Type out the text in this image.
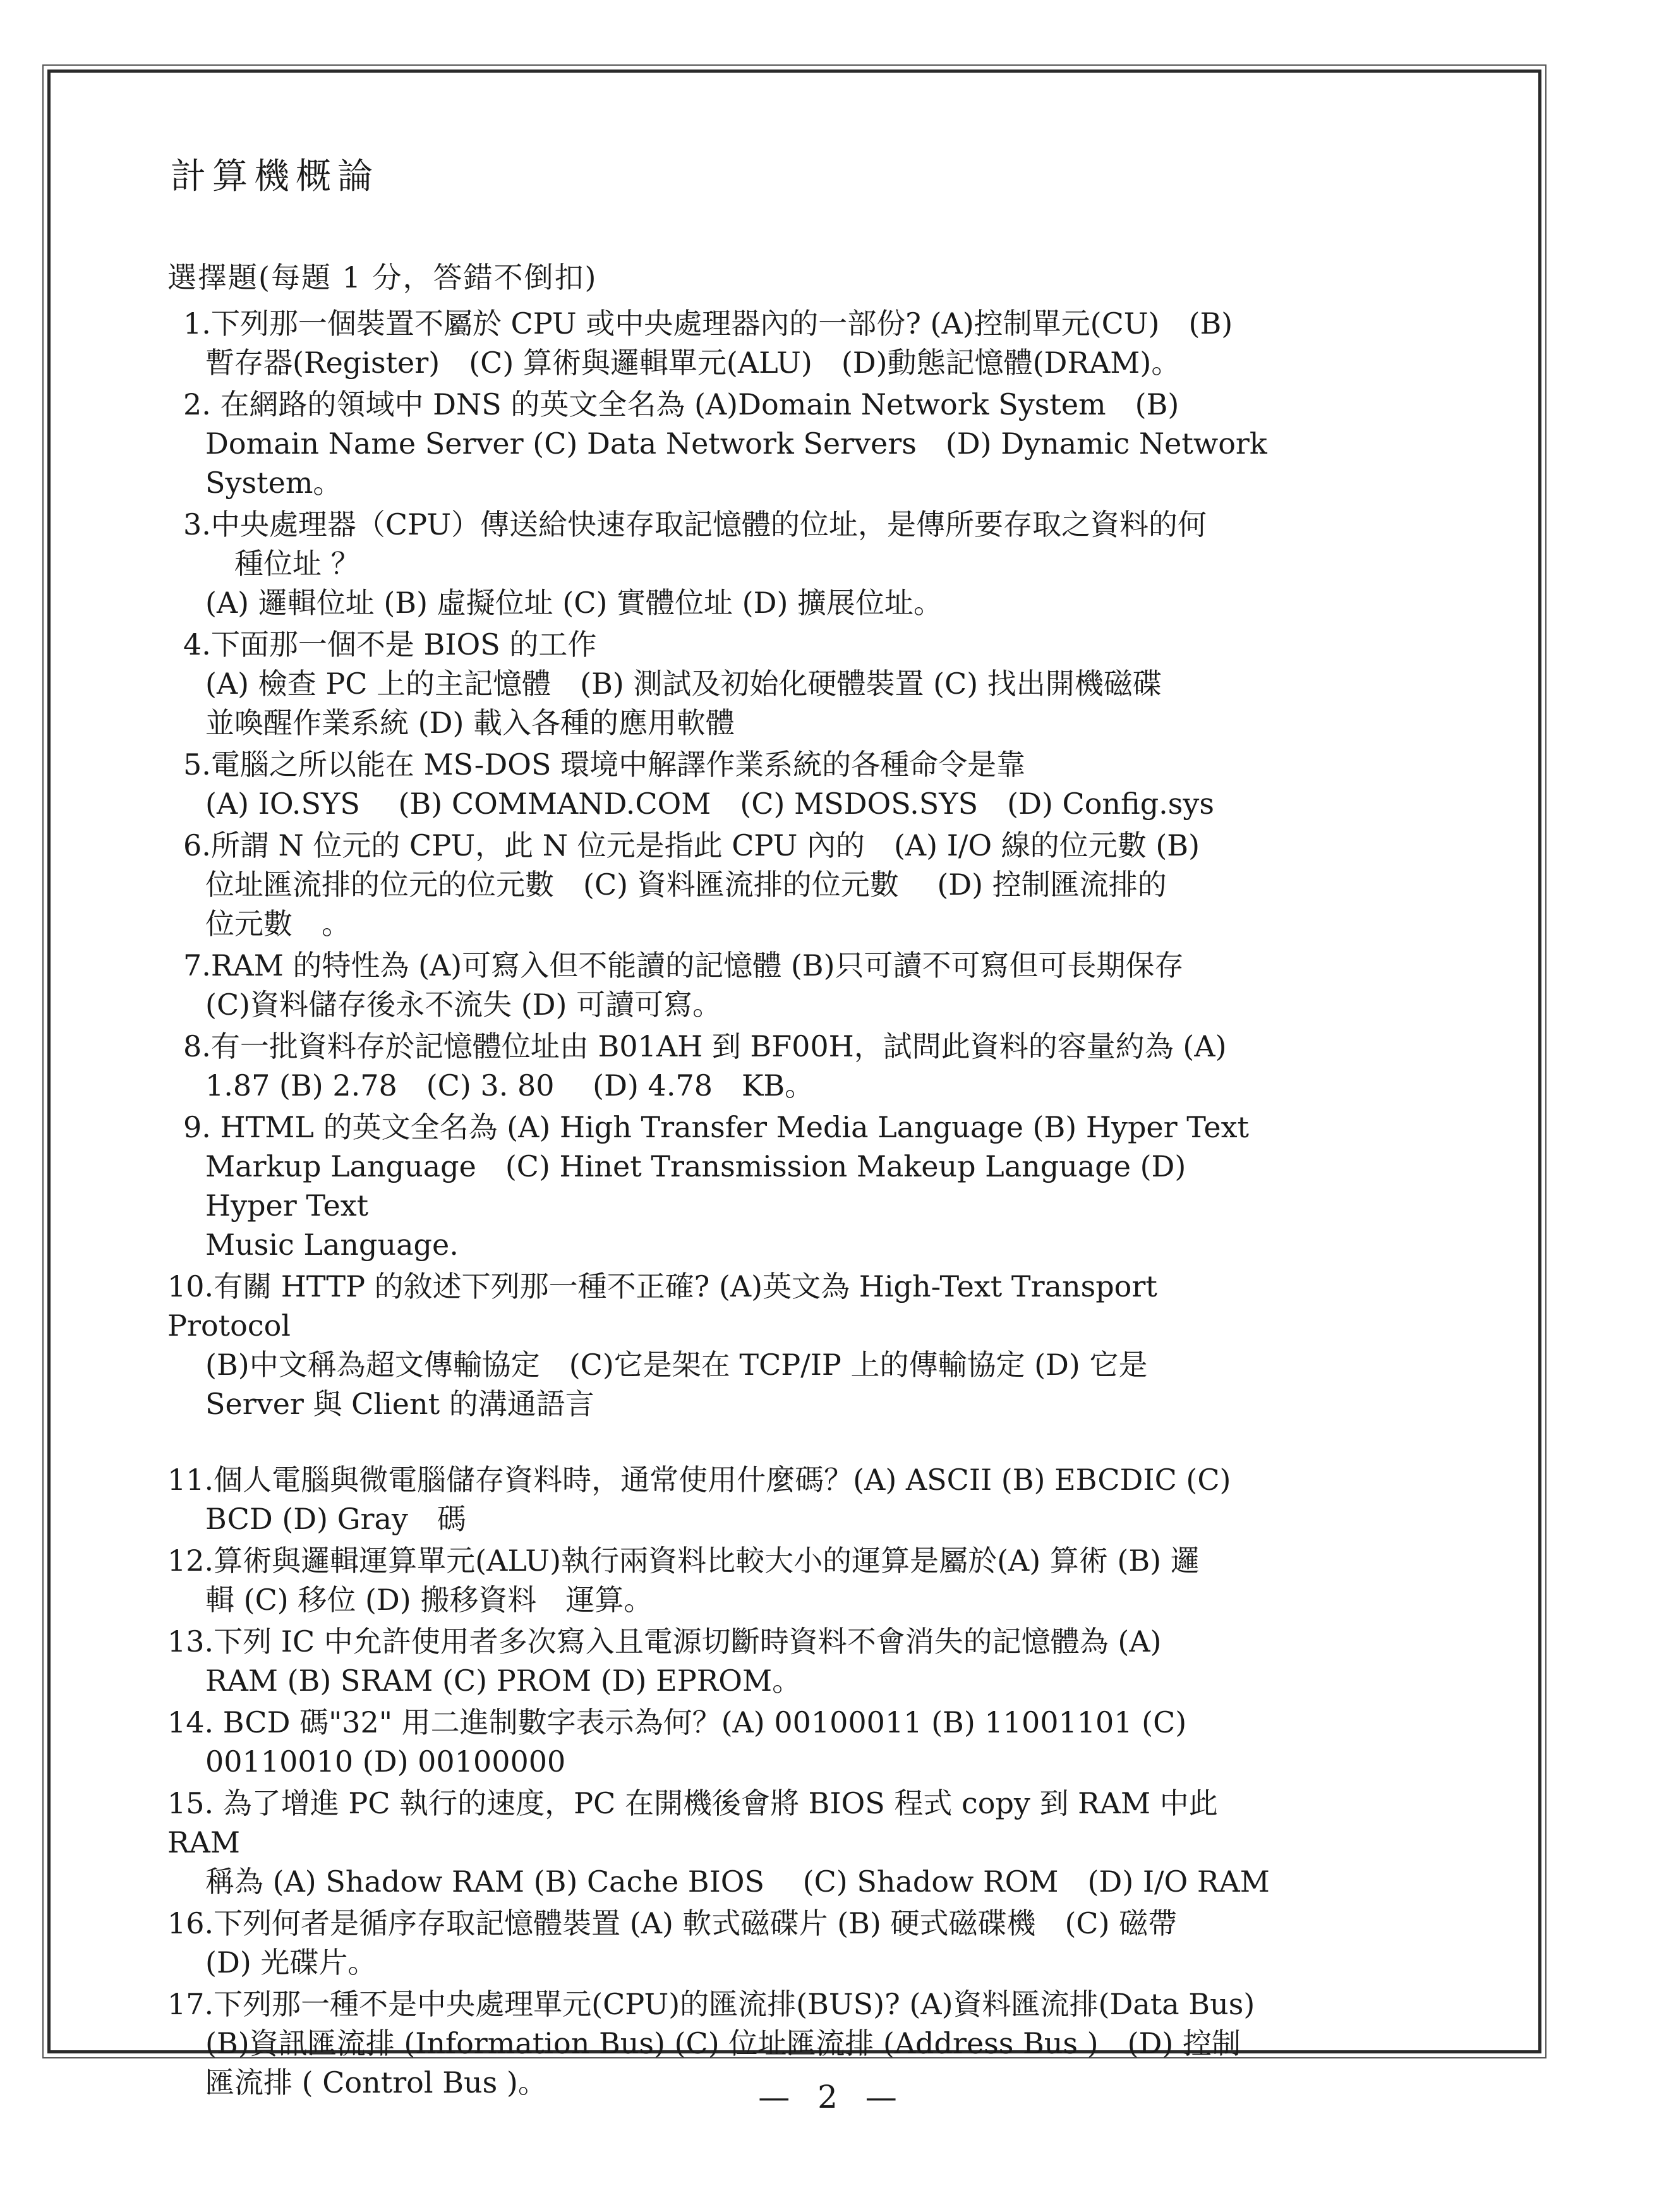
計算機概論
選擇題(每題 1 分，答錯不倒扣)
1.下列那一個裝置不屬於 CPU 或中央處理器內的一部份? (A)控制單元(CU)　(B)
暫存器(Register)　(C) 算術與邏輯單元(ALU)　(D)動態記憶體(DRAM)。
2. 在網路的領域中 DNS 的英文全名為 (A)Domain Network System　(B)
Domain Name Server (C) Data Network Servers　(D) Dynamic Network
System。
3.中央處理器（CPU）傳送給快速存取記憶體的位址，是傳所要存取之資料的何
　種位址 ？
(A) 邏輯位址 (B) 虛擬位址 (C) 實體位址 (D) 擴展位址。
4.下面那一個不是 BIOS 的工作
(A) 檢查 PC 上的主記憶體　(B) 測試及初始化硬體裝置 (C) 找出開機磁碟
並喚醒作業系統 (D) 載入各種的應用軟體
5.電腦之所以能在 MS-DOS 環境中解譯作業系統的各種命令是靠
(A) IO.SYS　 (B) COMMAND.COM　(C) MSDOS.SYS　(D) Config.sys
6.所謂 N 位元的 CPU，此 N 位元是指此 CPU 內的　(A) I/O 線的位元數 (B)
位址匯流排的位元的位元數　(C) 資料匯流排的位元數　 (D) 控制匯流排的
位元數　。
7.RAM 的特性為 (A)可寫入但不能讀的記憶體 (B)只可讀不可寫但可長期保存
(C)資料儲存後永不流失 (D) 可讀可寫。
8.有一批資料存於記憶體位址由 B01AH 到 BF00H，試問此資料的容量約為 (A)
1.87 (B) 2.78　(C) 3. 80　 (D) 4.78　KB。
9. HTML 的英文全名為 (A) High Transfer Media Language (B) Hyper Text
Markup Language　(C) Hinet Transmission Makeup Language (D) Hyper Text
Music Language.
10.有關 HTTP 的敘述下列那一種不正確? (A)英文為 High-Text Transport Protocol
(B)中文稱為超文傳輸協定　(C)它是架在 TCP/IP 上的傳輸協定 (D) 它是
Server 與 Client 的溝通語言
11.個人電腦與微電腦儲存資料時，通常使用什麼碼？(A) ASCII (B) EBCDIC (C)
BCD (D) Gray　碼
12.算術與邏輯運算單元(ALU)執行兩資料比較大小的運算是屬於(A) 算術 (B) 邏
輯 (C) 移位 (D) 搬移資料　運算。
13.下列 IC 中允許使用者多次寫入且電源切斷時資料不會消失的記憶體為 (A)
RAM (B) SRAM (C) PROM (D) EPROM。
14. BCD 碼"32" 用二進制數字表示為何？(A) 00100011 (B) 11001101 (C)
00110010 (D) 00100000
15. 為了增進 PC 執行的速度，PC 在開機後會將 BIOS 程式 copy 到 RAM 中此 RAM
稱為 (A) Shadow RAM (B) Cache BIOS　 (C) Shadow ROM　(D) I/O RAM
16.下列何者是循序存取記憶體裝置 (A) 軟式磁碟片 (B) 硬式磁碟機　(C) 磁帶
(D) 光碟片。
17.下列那一種不是中央處理單元(CPU)的匯流排(BUS)? (A)資料匯流排(Data Bus)
(B)資訊匯流排 (Information Bus) (C) 位址匯流排 (Address Bus )　(D) 控制
匯流排 ( Control Bus )。	— 2 —
